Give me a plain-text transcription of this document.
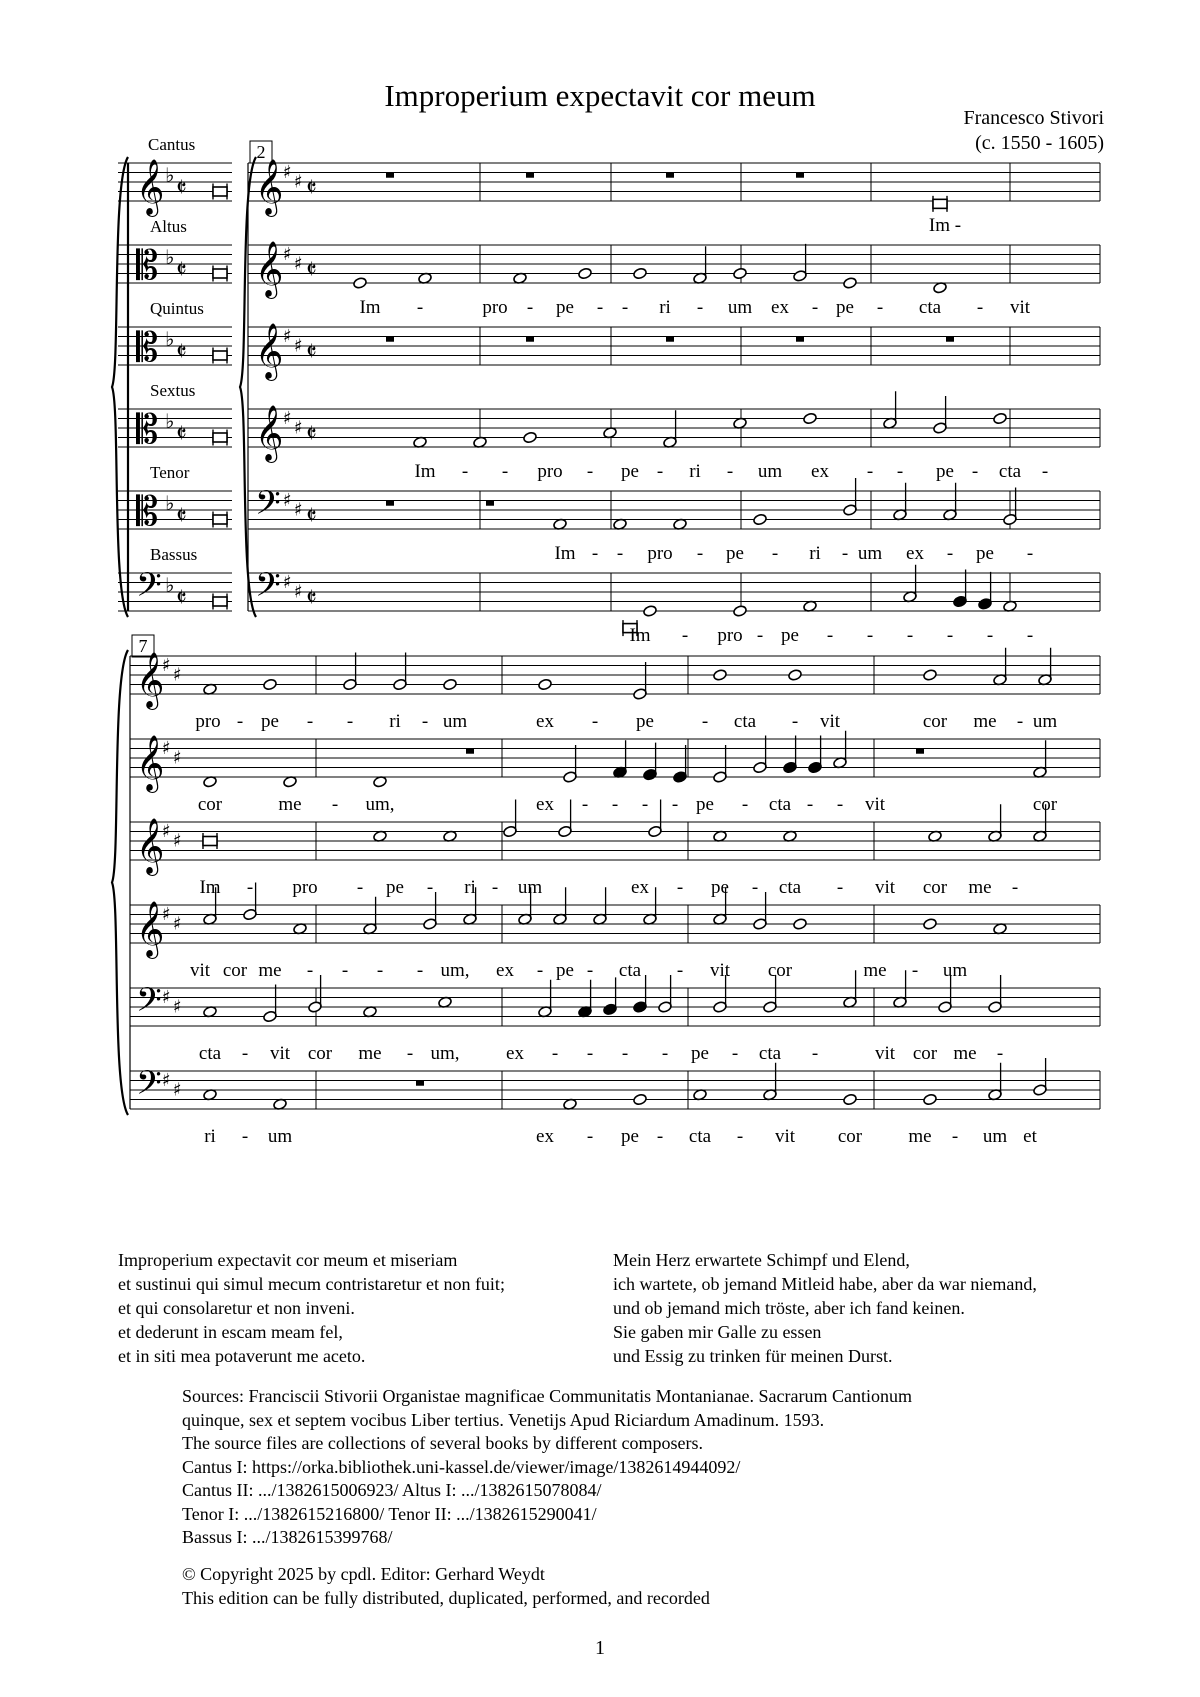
Improperium expectavit cor meum
Francesco Stivori
(c. 1550 - 1605)
𝄞 ♭ 𝄵 𝄞 ♯ ♯ 𝄵
𝄡 ♭ 𝄵 𝄞 ♯ ♯ 𝄵
𝄡 ♭ 𝄵 𝄞 ♯ ♯ 𝄵
𝄡 ♭ 𝄵 𝄞 ♯ ♯ 𝄵
𝄡 ♭ 𝄵 𝄢 ♯ ♯ 𝄵
𝄢 ♭ 𝄵 𝄢 ♯ ♯ 𝄵
Cantus
Altus
Quintus
Sextus
Tenor
Bassus
2
Im -
Im -	pro - pe - - ri - um ex - pe - cta - vit
Im - - pro - pe - ri - um ex - - pe - cta -
Im - - pro - pe - ri - um ex - pe -
Im - pro - pe - - - - - -
𝄞
♯ ♯
𝄞
♯ ♯
𝄞
♯ ♯
𝄞
♯ ♯
𝄢 ♯ ♯
𝄢 ♯ ♯
7
pro - pe - - ri - um	ex - pe	- cta - vit	cor me - um
cor	me - um,	ex - - - - pe - cta - - vit	cor
Im - pro - pe - ri - um	ex - pe - cta - vit cor me -
vit cor me - - - - um, ex - pe - cta - vit cor	me - um
cta - vit cor me - um, ex - - - - pe - cta -	vit cor me -
ri - um	ex - pe - cta - vit cor me - um et
Improperium expectavit cor meum et miseriam
et sustinui qui simul mecum contristaretur et non fuit;
et qui consolaretur et non inveni.
et dederunt in escam meam fel,
et in siti mea potaverunt me aceto.
Mein Herz erwartete Schimpf und Elend,
ich wartete, ob jemand Mitleid habe, aber da war niemand,
und ob jemand mich tröste, aber ich fand keinen.
Sie gaben mir Galle zu essen
und Essig zu trinken für meinen Durst.
Sources: Franciscii Stivorii Organistae magnificae Communitatis Montanianae. Sacrarum Cantionum
quinque, sex et septem vocibus Liber tertius. Venetijs Apud Riciardum Amadinum. 1593.
The source files are collections of several books by different composers.
Cantus I: https://orka.bibliothek.uni-kassel.de/viewer/image/1382614944092/
Cantus II: .../1382615006923/ Altus I: .../1382615078084/
Tenor I: .../1382615216800/ Tenor II: .../1382615290041/
Bassus I: .../1382615399768/
© Copyright 2025 by cpdl. Editor: Gerhard Weydt
This edition can be fully distributed, duplicated, performed, and recorded
1
